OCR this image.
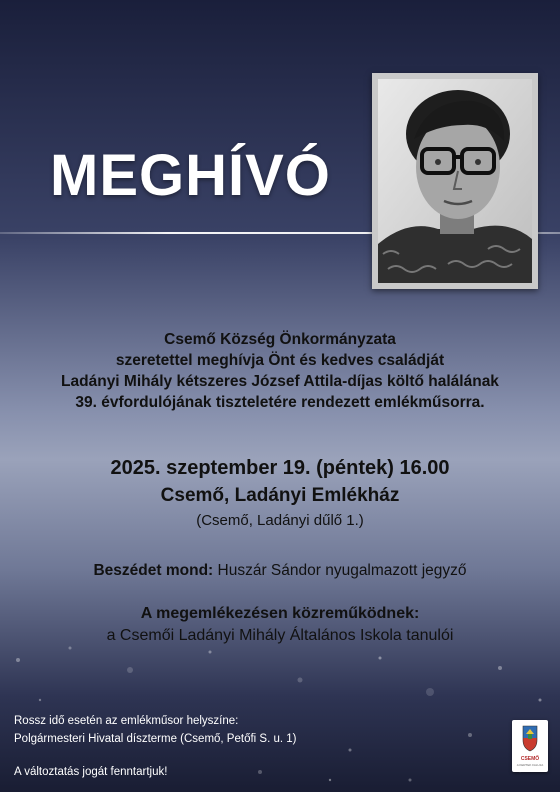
MEGHÍVÓ
Csemő Község Önkormányzata
szeretettel meghívja Önt és kedves családját
Ladányi Mihály kétszeres József Attila-díjas költő halálának
39. évfordulójának tiszteletére rendezett emlékműsorra.
2025. szeptember 19. (péntek) 16.00
Csemő, Ladányi Emlékház
(Csemő, Ladányi dűlő 1.)
Beszédet mond: Huszár Sándor nyugalmazott jegyző
A megemlékezésen közreműködnek:
a Csemői Ladányi Mihály Általános Iskola tanulói
Rossz idő esetén az emlékműsor helyszíne:
Polgármesteri Hivatal díszterme (Csemő, Petőfi S. u. 1)
A változtatás jogát fenntartjuk!
CSEMŐ
A KERTEK FALUJA
